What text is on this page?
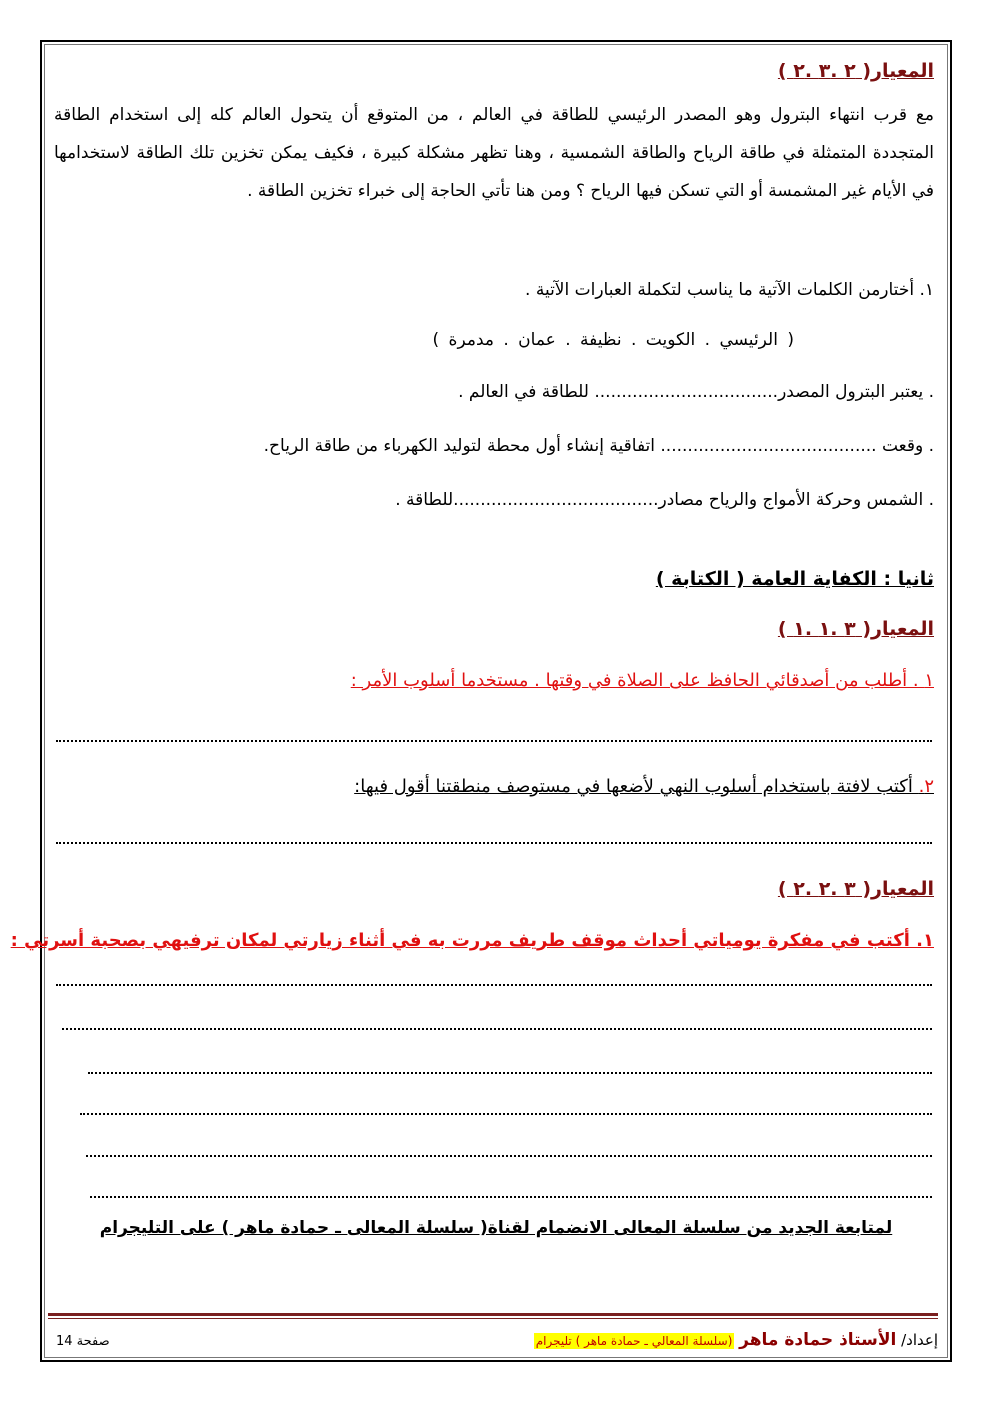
المعيار( ٢ .٣ .٢ )
مع قرب انتهاء البترول وهو المصدر الرئيسي للطاقة في العالم ، من المتوقع أن يتحول العالم كله إلى استخدام الطاقة المتجددة المتمثلة في طاقة الرياح والطاقة الشمسية ، وهنا تظهر مشكلة كبيرة ، فكيف يمكن تخزين تلك الطاقة لاستخدامها في الأيام غير المشمسة أو التي تسكن فيها الرياح ؟ ومن هنا تأتي الحاجة إلى خبراء تخزين الطاقة .
١. أختارمن الكلمات الآتية ما يناسب لتكملة العبارات الآتية .
( الرئيسي . الكويت . نظيفة . عمان . مدمرة )
. يعتبر البترول المصدر.................................. للطاقة في العالم .
. وقعت ........................................ اتفاقية إنشاء أول محطة لتوليد الكهرباء من طاقة الرياح.
. الشمس وحركة الأمواج والرياح مصادر......................................للطاقة .
ثانيا : الكفاية العامة ( الكتابة )
المعيار( ٣ .١ .١ )
١ . أطلب من أصدقائي الحافظ على الصلاة في وقتها . مستخدما أسلوب الأمر :
٢. أكتب لافتة باستخدام أسلوب النهي لأضعها في مستوصف منطقتنا أقول فيها:
المعيار( ٣ .٢ .٢ )
١. أكتب في مفكرة يومياتي أحداث موقف طريف مررت به في أثناء زيارتي لمكان ترفيهي بصحبة أسرتي :
لمتابعة الجديد من سلسلة المعالى الانضمام لقناة( سلسلة المعالى ـ حمادة ماهر ) على التليجرام
إعداد/ الأستاذ حمادة ماهر (سلسلة المعالي ـ حمادة ماهر ) تليجرام
صفحة 14
